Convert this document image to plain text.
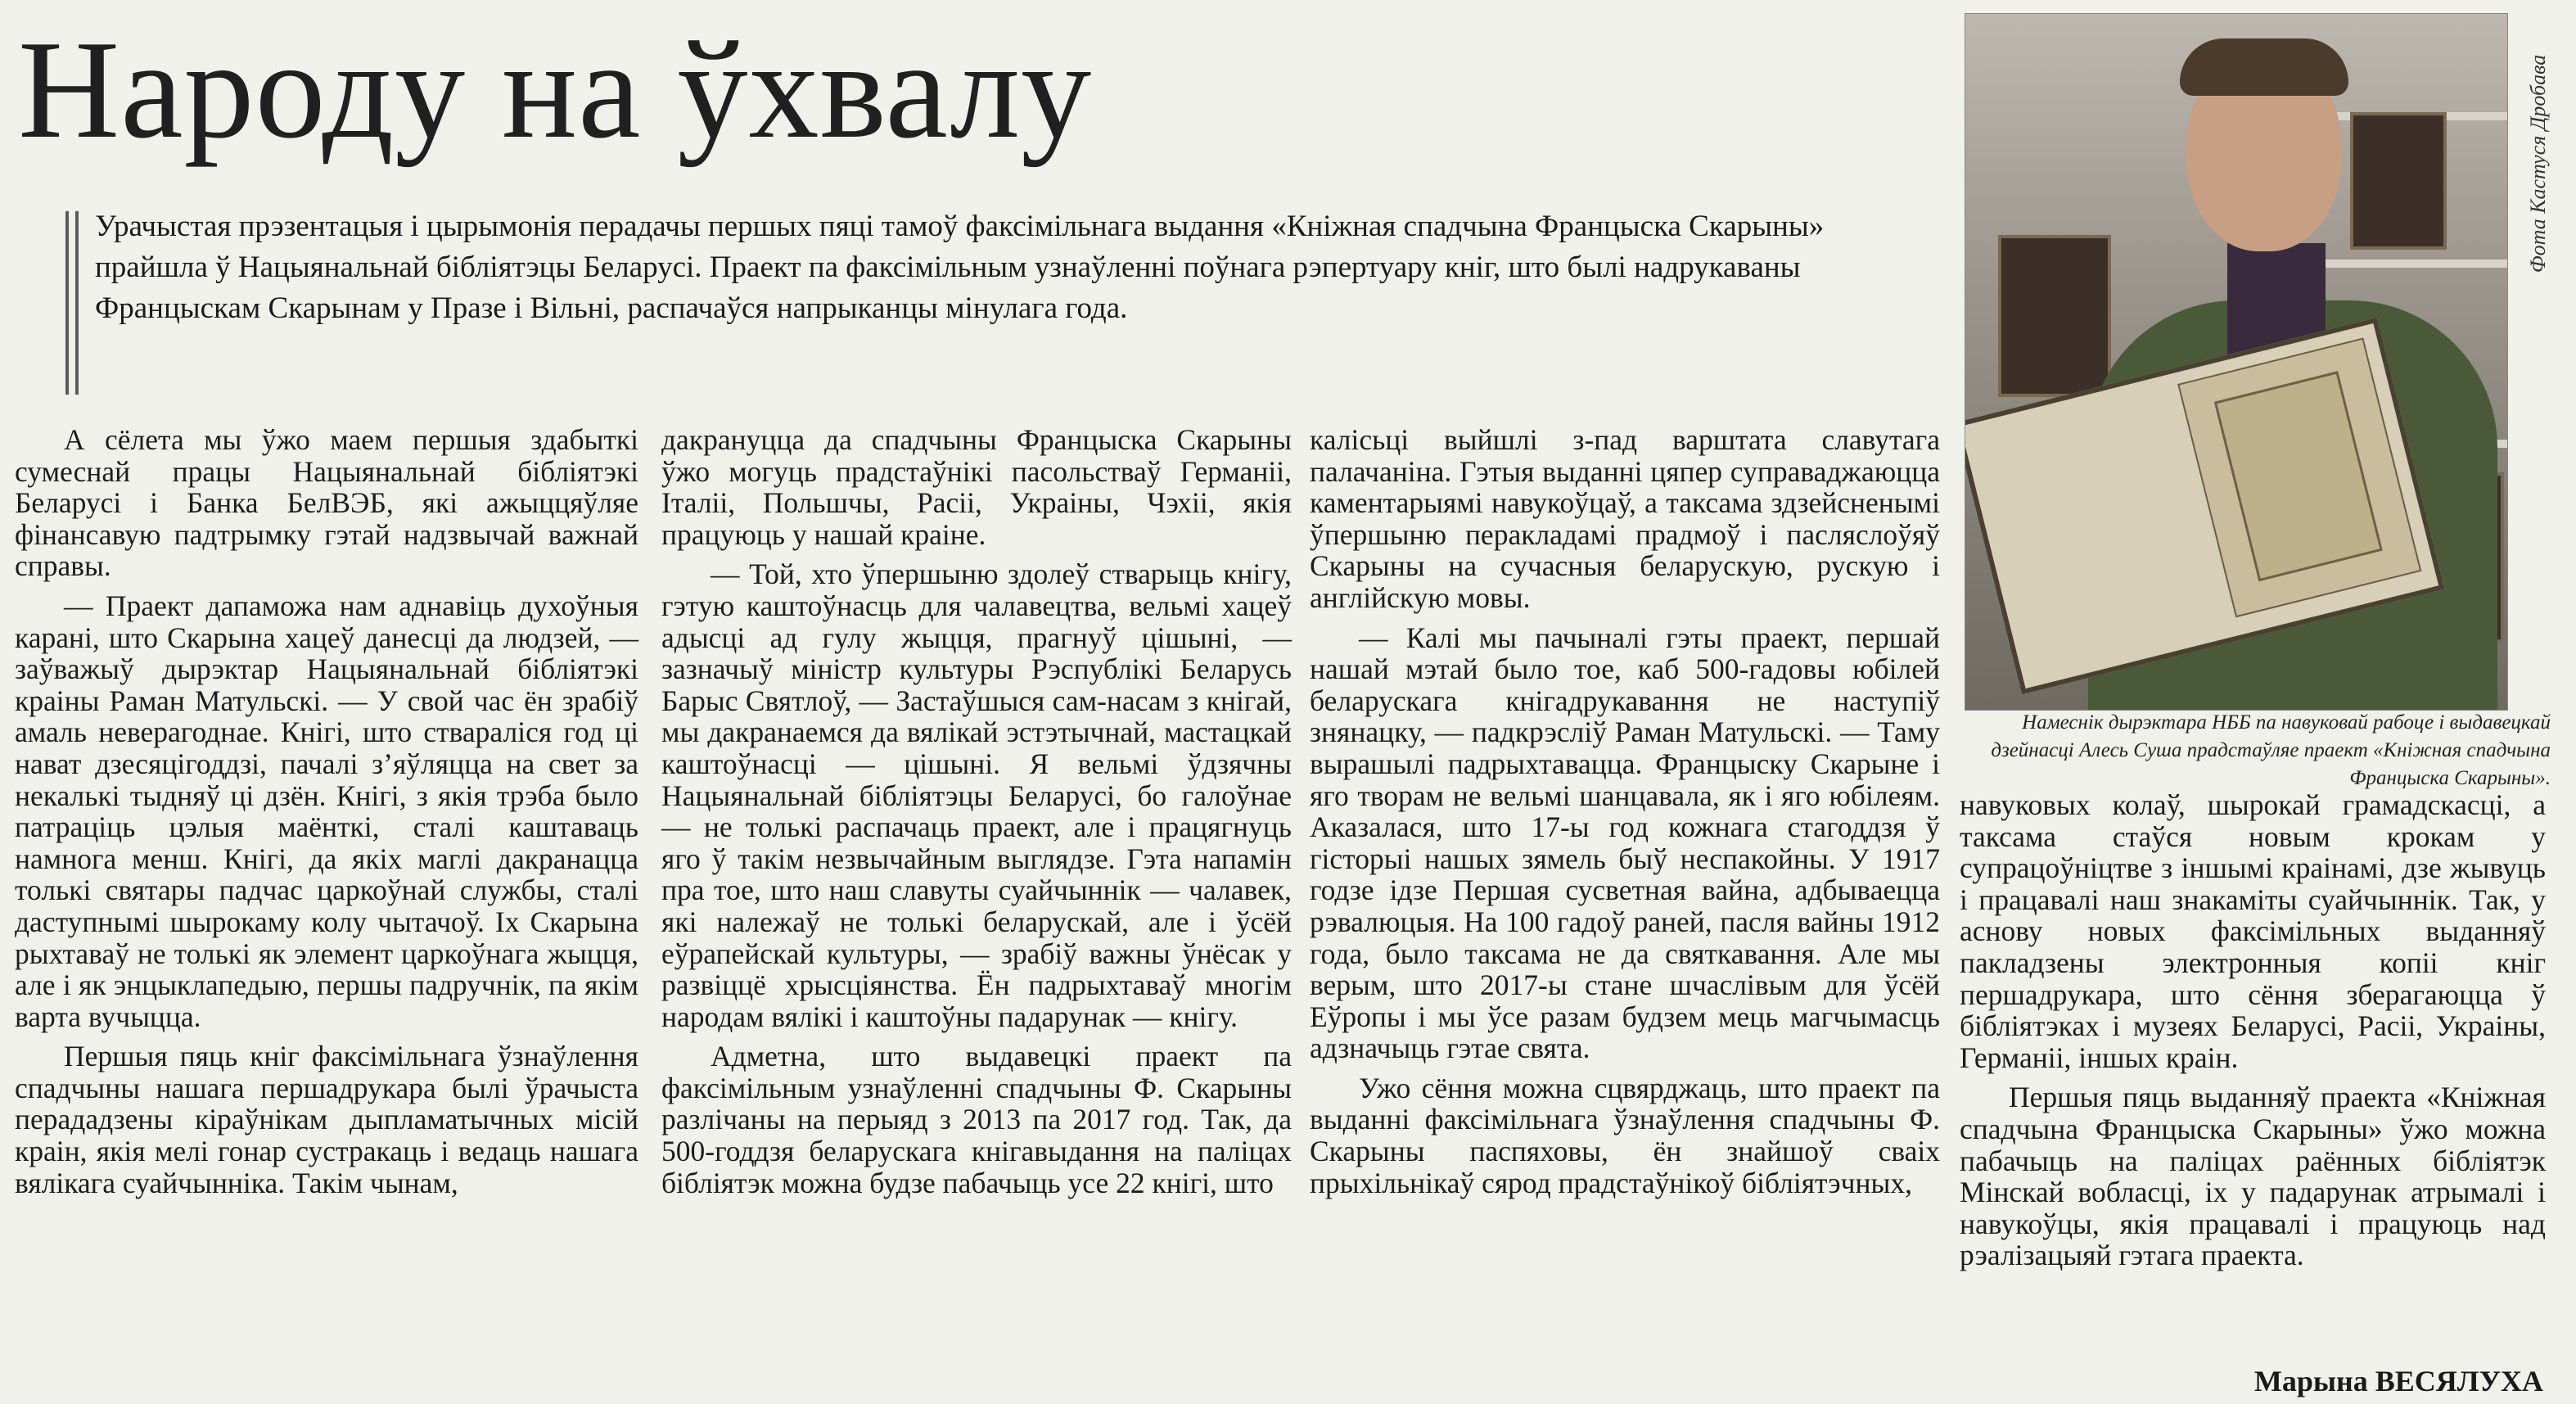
Народу на ўхвалу

Урачыстая прэзентацыя і цырымонія перадачы першых пяці тамоў факсімільнага выдання «Кніжная спадчына Францыска Скарыны» прайшла ў Нацыянальнай бібліятэцы Беларусі. Праект па факсімільным узнаўленні поўнага рэпертуару кніг, што былі надрукаваны Францыскам Скарынам у Празе і Вільні, распачаўся напрыканцы мінулага года.

Фота Кастуся Дробава
Намеснік дырэктара НББ па навуковай рабоце і выдавецкай дзейнасці Алесь Суша прадстаўляе праект «Кніжная спадчына Францыска Скарыны».

А сёлета мы ўжо маем першыя здабыткі сумеснай працы Нацыянальнай бібліятэкі Беларусі і Банка БелВЭБ, які ажыццяўляе фінансавую падтрымку гэтай надзвычай важнай справы.

— Праект дапаможа нам аднавіць духоўныя карані, што Скарына хацеў данесці да людзей, — заўважыў дырэктар Нацыянальнай бібліятэкі краіны Раман Матульскі. — У свой час ён зрабіў амаль неверагоднае. Кнігі, што ствараліся год ці нават дзесяцігоддзі, пачалі з’яўляцца на свет за некалькі тыдняў ці дзён. Кнігі, з якія трэба было патраціць цэлыя маёнткі, сталі каштаваць намнога менш. Кнігі, да якіх маглі дакранацца толькі святары падчас царкоўнай службы, сталі даступнымі шырокаму колу чытачоў. Іх Скарына рыхтаваў не толькі як элемент царкоўнага жыцця, але і як энцыклапедыю, першы падручнік, па якім варта вучыцца.

Першыя пяць кніг факсімільнага ўзнаўлення спадчыны нашага першадрукара былі ўрачыста перададзены кіраўнікам дыпламатычных місій краін, якія мелі гонар сустракаць і ведаць нашага вялікага суайчынніка. Такім чынам,

дакрануцца да спадчыны Францыска Скарыны ўжо могуць прадстаўнікі пасольстваў Германіі, Італіі, Польшчы, Расіі, Украіны, Чэхіі, якія працуюць у нашай краіне.

— Той, хто ўпершыню здолеў стварыць кнігу, гэтую каштоўнасць для чалавецтва, вельмі хацеў адысці ад гулу жыцця, прагнуў цішыні, — зазначыў міністр культуры Рэспублікі Беларусь Барыс Святлоў, — Застаўшыся сам-насам з кнігай, мы дакранаемся да вялікай эстэтычнай, мастацкай каштоўнасці — цішыні. Я вельмі ўдзячны Нацыянальнай бібліятэцы Беларусі, бо галоўнае — не толькі распачаць праект, але і працягнуць яго ў такім незвычайным выглядзе. Гэта напамін пра тое, што наш славуты суайчыннік — чалавек, які належаў не толькі беларускай, але і ўсёй еўрапейскай культуры, — зрабіў важны ўнёсак у развіццё хрысціянства. Ён падрыхтаваў многім народам вялікі і каштоўны падарунак — кнігу.

Адметна, што выдавецкі праект па факсімільным узнаўленні спадчыны Ф. Скарыны разлічаны на перыяд з 2013 па 2017 год. Так, да 500-годдзя беларускага кнігавыдання на паліцах бібліятэк можна будзе пабачыць усе 22 кнігі, што

калісьці выйшлі з-пад варштата славутага палачаніна. Гэтыя выданні цяпер суправаджаюцца каментарыямі навукоўцаў, а таксама здзейсненымі ўпершыню перакладамі прадмоў і пасляслоўяў Скарыны на сучасныя беларускую, рускую і англійскую мовы.

— Калі мы пачыналі гэты праект, першай нашай мэтай было тое, каб 500-гадовы юбілей беларускага кнігадрукавання не наступіў знянацку, — падкрэсліў Раман Матульскі. — Таму вырашылі падрыхтавацца. Францыску Скарыне і яго творам не вельмі шанцавала, як і яго юбілеям. Аказалася, што 17-ы год кожнага стагоддзя ў гісторыі нашых зямель быў неспакойны. У 1917 годзе ідзе Першая сусветная вайна, адбываецца рэвалюцыя. На 100 гадоў раней, пасля вайны 1912 года, было таксама не да святкавання. Але мы верым, што 2017-ы стане шчаслівым для ўсёй Еўропы і мы ўсе разам будзем мець магчымасць адзначыць гэтае свята.

Ужо сёння можна сцвярджаць, што праект па выданні факсімільнага ўзнаўлення спадчыны Ф. Скарыны паспяховы, ён знайшоў сваіх прыхільнікаў сярод прадстаўнікоў бібліятэчных,

навуковых колаў, шырокай грамадскасці, а таксама стаўся новым крокам у супрацоўніцтве з іншымі краінамі, дзе жывуць і працавалі наш знакаміты суайчыннік. Так, у аснову новых факсімільных выданняў пакладзены электронныя копіі кніг першадрукара, што сёння зберагаюцца ў бібліятэках і музеях Беларусі, Расіі, Украіны, Германіі, іншых краін.

Першыя пяць выданняў праекта «Кніжная спадчына Францыска Скарыны» ўжо можна пабачыць на паліцах раённых бібліятэк Мінскай вобласці, іх у падарунак атрымалі і навукоўцы, якія працавалі і працуюць над рэалізацыяй гэтага праекта.

Марына ВЕСЯЛУХА
